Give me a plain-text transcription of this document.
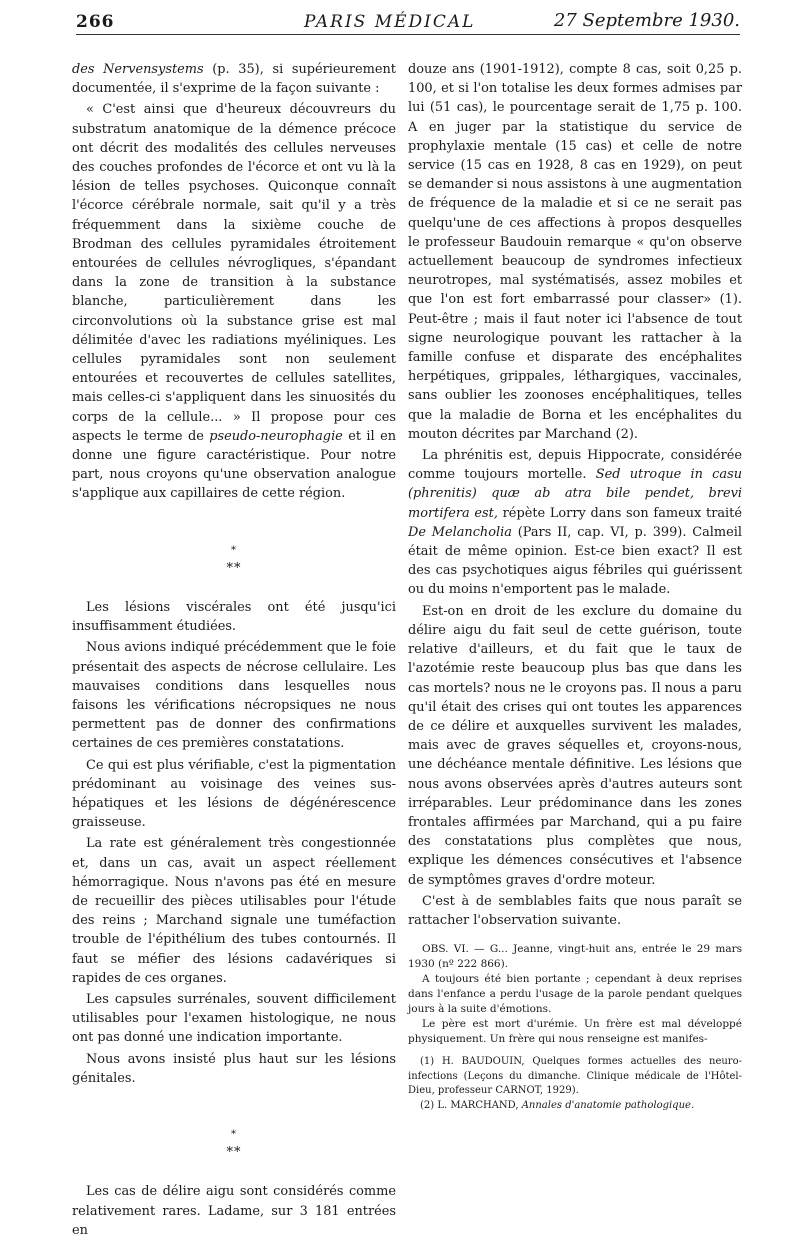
266	PARIS MÉDICAL	27 Septembre 1930.

des Nervensystems (p. 35), si supérieurement documentée, il s'exprime de la façon suivante :

« C'est ainsi que d'heureux découvreurs du substratum anatomique de la démence précoce ont décrit des modalités des cellules nerveuses des couches profondes de l'écorce et ont vu là la lésion de telles psychoses. Quiconque connaît l'écorce cérébrale normale, sait qu'il y a très fréquemment dans la sixième couche de Brodman des cellules pyramidales étroitement entourées de cellules névrogliques, s'épandant dans la zone de transition à la substance blanche, particulièrement dans les circonvolutions où la substance grise est mal délimitée d'avec les radiations myéliniques. Les cellules pyramidales sont non seulement entourées et recouvertes de cellules satellites, mais celles-ci s'appliquent dans les sinuosités du corps de la cellule... » Il propose pour ces aspects le terme de pseudo-neurophagie et il en donne une figure caractéristique. Pour notre part, nous croyons qu'une observation analogue s'applique aux capillaires de cette région.

*
**

Les lésions viscérales ont été jusqu'ici insuffisamment étudiées.

Nous avions indiqué précédemment que le foie présentait des aspects de nécrose cellulaire. Les mauvaises conditions dans lesquelles nous faisons les vérifications nécropsiques ne nous permettent pas de donner des confirmations certaines de ces premières constatations.

Ce qui est plus vérifiable, c'est la pigmentation prédominant au voisinage des veines sus-hépatiques et les lésions de dégénérescence graisseuse.

La rate est généralement très congestionnée et, dans un cas, avait un aspect réellement hémorragique. Nous n'avons pas été en mesure de recueillir des pièces utilisables pour l'étude des reins ; Marchand signale une tuméfaction trouble de l'épithélium des tubes contournés. Il faut se méfier des lésions cadavériques si rapides de ces organes.

Les capsules surrénales, souvent difficilement utilisables pour l'examen histologique, ne nous ont pas donné une indication importante.

Nous avons insisté plus haut sur les lésions génitales.

*
**

Les cas de délire aigu sont considérés comme relativement rares. Ladame, sur 3 181 entrées en

douze ans (1901-1912), compte 8 cas, soit 0,25 p. 100, et si l'on totalise les deux formes admises par lui (51 cas), le pourcentage serait de 1,75 p. 100. A en juger par la statistique du service de prophylaxie mentale (15 cas) et celle de notre service (15 cas en 1928, 8 cas en 1929), on peut se demander si nous assistons à une augmentation de fréquence de la maladie et si ce ne serait pas quelqu'une de ces affections à propos desquelles le professeur Baudouin remarque « qu'on observe actuellement beaucoup de syndromes infectieux neurotropes, mal systématisés, assez mobiles et que l'on est fort embarrassé pour classer» (1). Peut-être ; mais il faut noter ici l'absence de tout signe neurologique pouvant les rattacher à la famille confuse et disparate des encéphalites herpétiques, grippales, léthargiques, vaccinales, sans oublier les zoonoses encéphalitiques, telles que la maladie de Borna et les encéphalites du mouton décrites par Marchand (2).

La phrénitis est, depuis Hippocrate, considérée comme toujours mortelle. Sed utroque in casu (phrenitis) quæ ab atra bile pendet, brevi mortifera est, répète Lorry dans son fameux traité De Melancholia (Pars II, cap. VI, p. 399). Calmeil était de même opinion. Est-ce bien exact? Il est des cas psychotiques aigus fébriles qui guérissent ou du moins n'emportent pas le malade.

Est-on en droit de les exclure du domaine du délire aigu du fait seul de cette guérison, toute relative d'ailleurs, et du fait que le taux de l'azotémie reste beaucoup plus bas que dans les cas mortels? nous ne le croyons pas. Il nous a paru qu'il était des crises qui ont toutes les apparences de ce délire et auxquelles survivent les malades, mais avec de graves séquelles et, croyons-nous, une déchéance mentale définitive. Les lésions que nous avons observées après d'autres auteurs sont irréparables. Leur prédominance dans les zones frontales affirmées par Marchand, qui a pu faire des constatations plus complètes que nous, explique les démences consécutives et l'absence de symptômes graves d'ordre moteur.

C'est à de semblables faits que nous paraît se rattacher l'observation suivante.

OBS. VI. — G... Jeanne, vingt-huit ans, entrée le 29 mars 1930 (nº 222 866).

A toujours été bien portante ; cependant à deux reprises dans l'enfance a perdu l'usage de la parole pendant quelques jours à la suite d'émotions.

Le père est mort d'urémie. Un frère est mal développé physiquement. Un frère qui nous renseigne est manifes-

(1) H. BAUDOUIN, Quelques formes actuelles des neuro-infections (Leçons du dimanche. Clinique médicale de l'Hôtel-Dieu, professeur CARNOT, 1929).

(2) L. MARCHAND, Annales d'anatomie pathologique.
